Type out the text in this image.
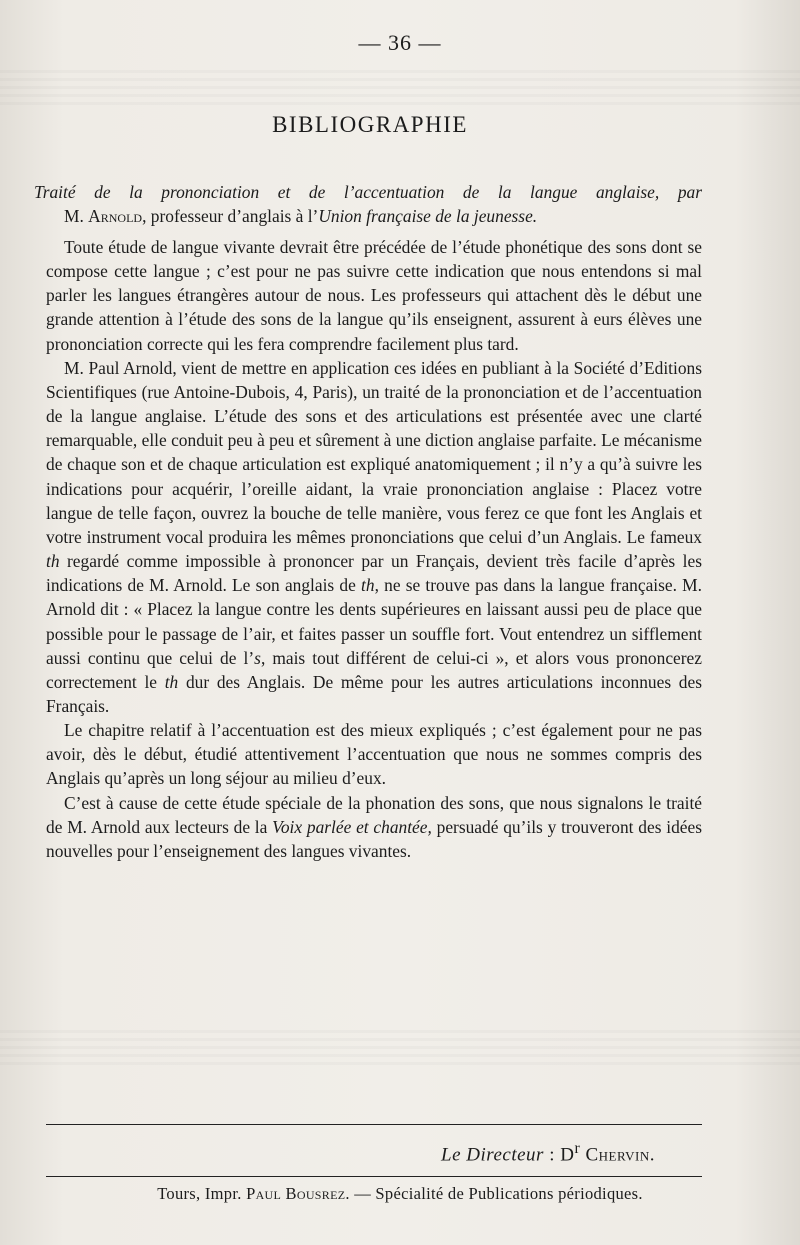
— 36 —
BIBLIOGRAPHIE
Traité de la prononciation et de l’accentuation de la langue anglaise, par
M. Arnold, professeur d’anglais à l’Union française de la jeunesse.

Toute étude de langue vivante devrait être précédée de l’étude phonétique des sons dont se compose cette langue ; c’est pour ne pas suivre cette indication que nous entendons si mal parler les langues étrangères autour de nous. Les professeurs qui attachent dès le début une grande attention à l’étude des sons de la langue qu’ils enseignent, assurent à eurs élèves une prononciation correcte qui les fera comprendre facilement plus tard.

M. Paul Arnold, vient de mettre en application ces idées en publiant à la Société d’Editions Scientifiques (rue Antoine-Dubois, 4, Paris), un traité de la prononciation et de l’accentuation de la langue anglaise. L’étude des sons et des articulations est présentée avec une clarté remarquable, elle conduit peu à peu et sûrement à une diction anglaise parfaite. Le mécanisme de chaque son et de chaque articulation est expliqué anatomiquement ; il n’y a qu’à suivre les indications pour acquérir, l’oreille aidant, la vraie prononciation anglaise : Placez votre langue de telle façon, ouvrez la bouche de telle manière, vous ferez ce que font les Anglais et votre instrument vocal produira les mêmes prononciations que celui d’un Anglais. Le fameux th regardé comme impossible à prononcer par un Français, devient très facile d’après les indications de M. Arnold. Le son anglais de th, ne se trouve pas dans la langue française. M. Arnold dit : « Placez la langue contre les dents supérieures en laissant aussi peu de place que possible pour le passage de l’air, et faites passer un souffle fort. Vout entendrez un sifflement aussi continu que celui de l’s, mais tout différent de celui-ci », et alors vous prononcerez correctement le th dur des Anglais. De même pour les autres articulations inconnues des Français.

Le chapitre relatif à l’accentuation est des mieux expliqués ; c’est également pour ne pas avoir, dès le début, étudié attentivement l’accentuation que nous ne sommes compris des Anglais qu’après un long séjour au milieu d’eux.

C’est à cause de cette étude spéciale de la phonation des sons, que nous signalons le traité de M. Arnold aux lecteurs de la Voix parlée et chantée, persuadé qu’ils y trouveront des idées nouvelles pour l’enseignement des langues vivantes.

Le Directeur : $D^r$ Chervin.
Tours, Impr. Paul Bousrez. — Spécialité de Publications périodiques.
